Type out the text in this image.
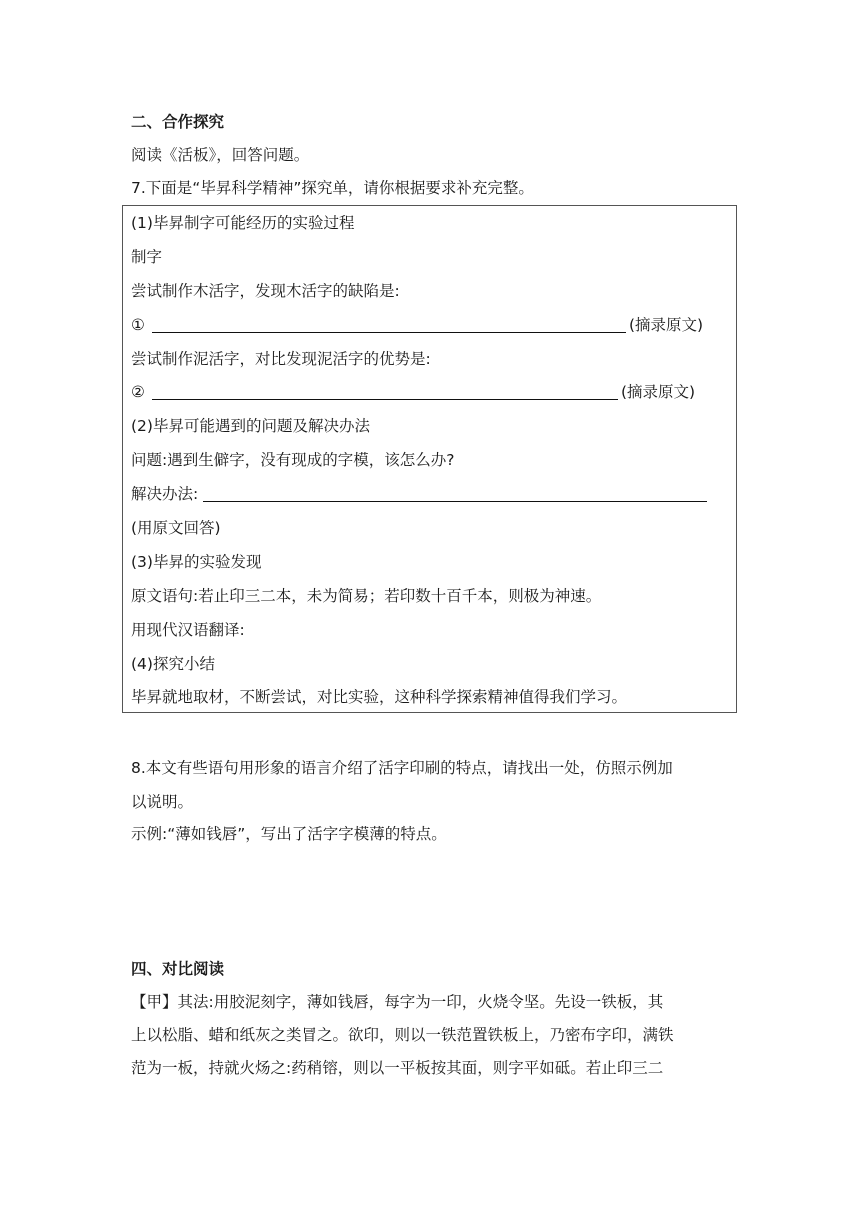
二、合作探究
阅读《活板》，回答问题。
7.下面是“毕昇科学精神”探究单，请你根据要求补充完整。
(1)毕昇制字可能经历的实验过程
制字
尝试制作木活字，发现木活字的缺陷是:
①	(摘录原文)
尝试制作泥活字，对比发现泥活字的优势是:
②	(摘录原文)
(2)毕昇可能遇到的问题及解决办法
问题:遇到生僻字，没有现成的字模，该怎么办?
解决办法:
(用原文回答)
(3)毕昇的实验发现
原文语句:若止印三二本，未为简易；若印数十百千本，则极为神速。
用现代汉语翻译:
(4)探究小结
毕昇就地取材，不断尝试，对比实验，这种科学探索精神值得我们学习。
8.本文有些语句用形象的语言介绍了活字印刷的特点，请找出一处，仿照示例加
以说明。
示例:“薄如钱唇”，写出了活字字模薄的特点。
四、对比阅读
【甲】其法:用胶泥刻字，薄如钱唇，每字为一印，火烧令坚。先设一铁板，其
上以松脂、蜡和纸灰之类冒之。欲印，则以一铁范置铁板上，乃密布字印，满铁
范为一板，持就火炀之:药稍镕，则以一平板按其面，则字平如砥。若止印三二
